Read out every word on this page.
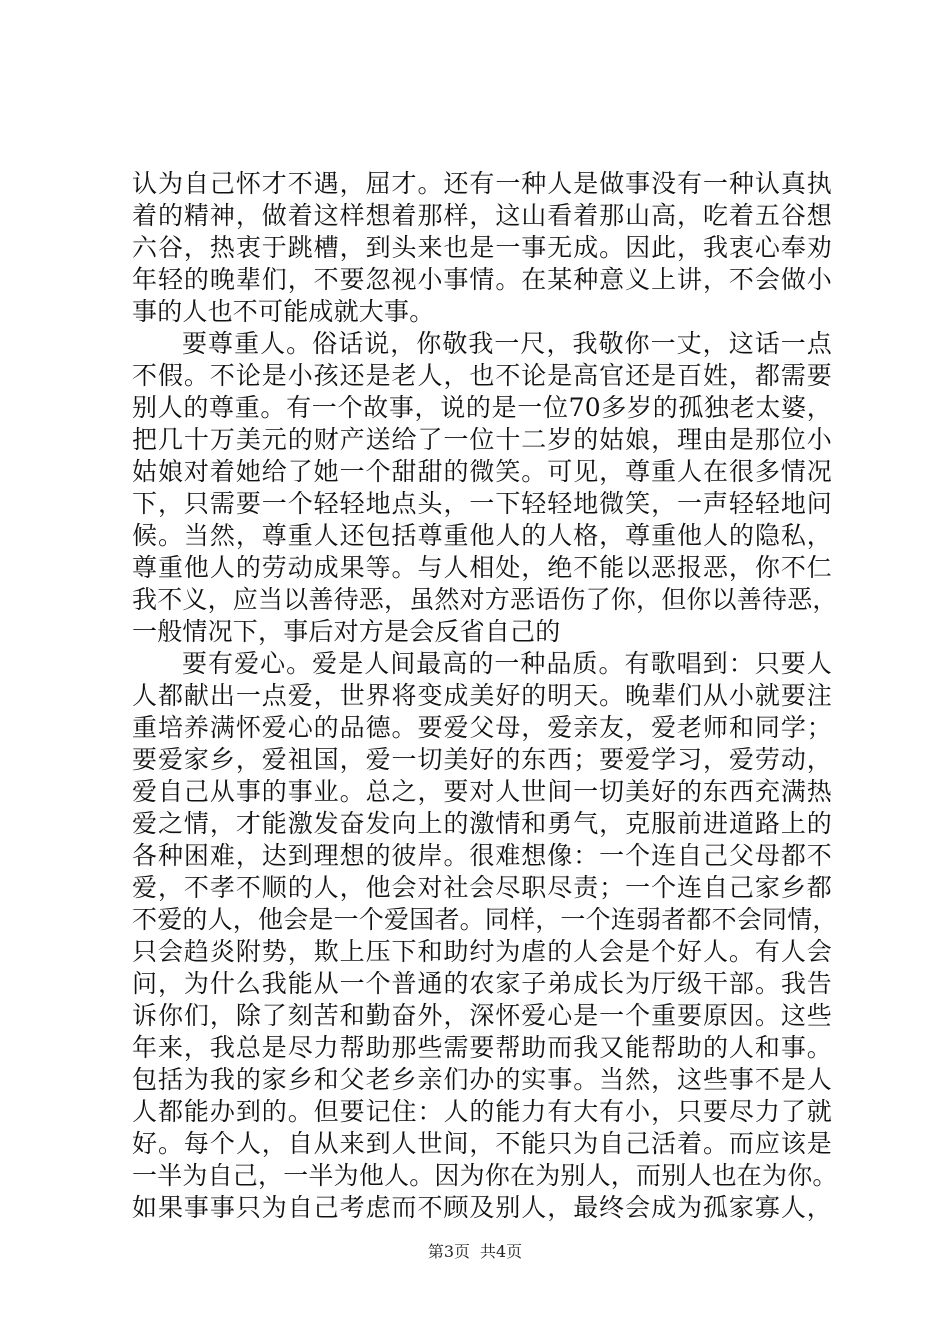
认为自己怀才不遇，屈才。还有一种人是做事没有一种认真执
着的精神，做着这样想着那样，这山看着那山高，吃着五谷想
六谷，热衷于跳槽，到头来也是一事无成。因此，我衷心奉劝
年轻的晚辈们，不要忽视小事情。在某种意义上讲，不会做小
事的人也不可能成就大事。
要尊重人。俗话说，你敬我一尺，我敬你一丈，这话一点
不假。不论是小孩还是老人，也不论是高官还是百姓，都需要
别人的尊重。有一个故事，说的是一位70多岁的孤独老太婆，
把几十万美元的财产送给了一位十二岁的姑娘，理由是那位小
姑娘对着她给了她一个甜甜的微笑。可见，尊重人在很多情况
下，只需要一个轻轻地点头，一下轻轻地微笑，一声轻轻地问
候。当然，尊重人还包括尊重他人的人格，尊重他人的隐私，
尊重他人的劳动成果等。与人相处，绝不能以恶报恶，你不仁
我不义，应当以善待恶，虽然对方恶语伤了你，但你以善待恶，
一般情况下，事后对方是会反省自己的
要有爱心。爱是人间最高的一种品质。有歌唱到：只要人
人都献出一点爱，世界将变成美好的明天。晚辈们从小就要注
重培养满怀爱心的品德。要爱父母，爱亲友，爱老师和同学；
要爱家乡，爱祖国，爱一切美好的东西；要爱学习，爱劳动，
爱自己从事的事业。总之，要对人世间一切美好的东西充满热
爱之情，才能激发奋发向上的激情和勇气，克服前进道路上的
各种困难，达到理想的彼岸。很难想像：一个连自己父母都不
爱，不孝不顺的人，他会对社会尽职尽责；一个连自己家乡都
不爱的人，他会是一个爱国者。同样，一个连弱者都不会同情，
只会趋炎附势，欺上压下和助纣为虐的人会是个好人。有人会
问，为什么我能从一个普通的农家子弟成长为厅级干部。我告
诉你们，除了刻苦和勤奋外，深怀爱心是一个重要原因。这些
年来，我总是尽力帮助那些需要帮助而我又能帮助的人和事。
包括为我的家乡和父老乡亲们办的实事。当然，这些事不是人
人都能办到的。但要记住：人的能力有大有小，只要尽力了就
好。每个人，自从来到人世间，不能只为自己活着。而应该是
一半为自己，一半为他人。因为你在为别人，而别人也在为你。
如果事事只为自己考虑而不顾及别人，最终会成为孤家寡人，
第3页 共4页
